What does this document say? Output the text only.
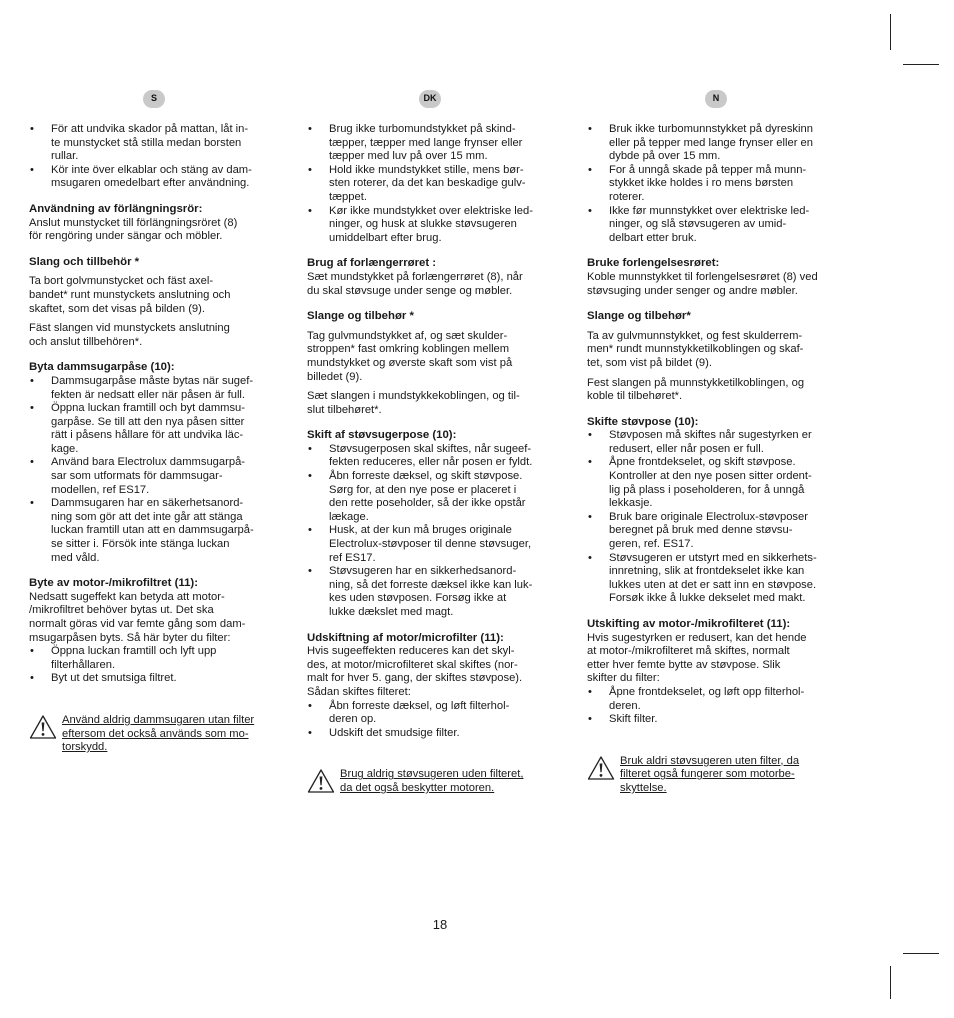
S
• För att undvika skador på mattan, låt in-
te munstycket stå stilla medan borsten
rullar.
• Kör inte över elkablar och stäng av dam-
msugaren omedelbart efter användning.
Användning av förlängningsrör:
Anslut munstycket till förlängningsröret (8)
för rengöring under sängar och möbler.
Slang och tillbehör *
Ta bort golvmunstycket och fäst axel-
bandet* runt munstyckets anslutning och
skaftet, som det visas på bilden (9).
Fäst slangen vid munstyckets anslutning
och anslut tillbehören*.
Byta dammsugarpåse (10):
• Dammsugarpåse måste bytas när sugef-
fekten är nedsatt eller när påsen är full.
• Öppna luckan framtill och byt dammsu-
garpåse. Se till att den nya påsen sitter
rätt i påsens hållare för att undvika läc-
kage.
• Använd bara Electrolux dammsugarpå-
sar som utformats för dammsugar-
modellen, ref ES17.
• Dammsugaren har en säkerhetsanord-
ning som gör att det inte går att stänga
luckan framtill utan att en dammsugarpå-
se sitter i. Försök inte stänga luckan
med våld.
Byte av motor-/mikrofiltret (11):
Nedsatt sugeffekt kan betyda att motor-
/mikrofiltret behöver bytas ut. Det ska
normalt göras vid var femte gång som dam-
msugarpåsen byts. Så här byter du filter:
• Öppna luckan framtill och lyft upp
filterhållaren.
• Byt ut det smutsiga filtret.
Använd aldrig dammsugaren utan filter
eftersom det också används som mo-
torskydd.
DK
• Brug ikke turbomundstykket på skind-
tæpper, tæpper med lange frynser eller
tæpper med luv på over 15 mm.
• Hold ikke mundstykket stille, mens bør-
sten roterer, da det kan beskadige gulv-
tæppet.
• Kør ikke mundstykket over elektriske led-
ninger, og husk at slukke støvsugeren
umiddelbart efter brug.
Brug af forlængerrøret :
Sæt mundstykket på forlængerrøret (8), når
du skal støvsuge under senge og møbler.
Slange og tilbehør *
Tag gulvmundstykket af, og sæt skulder-
stroppen* fast omkring koblingen mellem
mundstykket og øverste skaft som vist på
billedet (9).
Sæt slangen i mundstykkekoblingen, og til-
slut tilbehøret*.
Skift af støvsugerpose (10):
• Støvsugerposen skal skiftes, når sugeef-
fekten reduceres, eller når posen er fyldt.
• Åbn forreste dæksel, og skift støvpose.
Sørg for, at den nye pose er placeret i
den rette poseholder, så der ikke opstår
lækage.
• Husk, at der kun må bruges originale
Electrolux-støvposer til denne støvsuger,
ref ES17.
• Støvsugeren har en sikkerhedsanord-
ning, så det forreste dæksel ikke kan luk-
kes uden støvposen. Forsøg ikke at
lukke dækslet med magt.
Udskiftning af motor/microfilter (11):
Hvis sugeeffekten reduceres kan det skyl-
des, at motor/microfilteret skal skiftes (nor-
malt for hver 5. gang, der skiftes støvpose).
Sådan skiftes filteret:
• Åbn forreste dæksel, og løft filterhol-
deren op.
• Udskift det smudsige filter.
Brug aldrig støvsugeren uden filteret,
da det også beskytter motoren.
N
• Bruk ikke turbomunnstykket på dyreskinn
eller på tepper med lange frynser eller en
dybde på over 15 mm.
• For å unngå skade på tepper må munn-
stykket ikke holdes i ro mens børsten
roterer.
• Ikke før munnstykket over elektriske led-
ninger, og slå støvsugeren av umid-
delbart etter bruk.
Bruke forlengelsesrøret:
Koble munnstykket til forlengelsesrøret (8) ved
støvsuging under senger og andre møbler.
Slange og tilbehør*
Ta av gulvmunnstykket, og fest skulderrem-
men* rundt munnstykketilkoblingen og skaf-
tet, som vist på bildet (9).
Fest slangen på munnstykketilkoblingen, og
koble til tilbehøret*.
Skifte støvpose (10):
• Støvposen må skiftes når sugestyrken er
redusert, eller når posen er full.
• Åpne frontdekselet, og skift støvpose.
Kontroller at den nye posen sitter ordent-
lig på plass i poseholderen, for å unngå
lekkasje.
• Bruk bare originale Electrolux-støvposer
beregnet på bruk med denne støvsu-
geren, ref. ES17.
• Støvsugeren er utstyrt med en sikkerhets-
innretning, slik at frontdekselet ikke kan
lukkes uten at det er satt inn en støvpose.
Forsøk ikke å lukke dekselet med makt.
Utskifting av motor-/mikrofilteret (11):
Hvis sugestyrken er redusert, kan det hende
at motor-/mikrofilteret må skiftes, normalt
etter hver femte bytte av støvpose. Slik
skifter du filter:
• Åpne frontdekselet, og løft opp filterhol-
deren.
• Skift filter.
Bruk aldri støvsugeren uten filter, da
filteret også fungerer som motorbe-
skyttelse.
18
